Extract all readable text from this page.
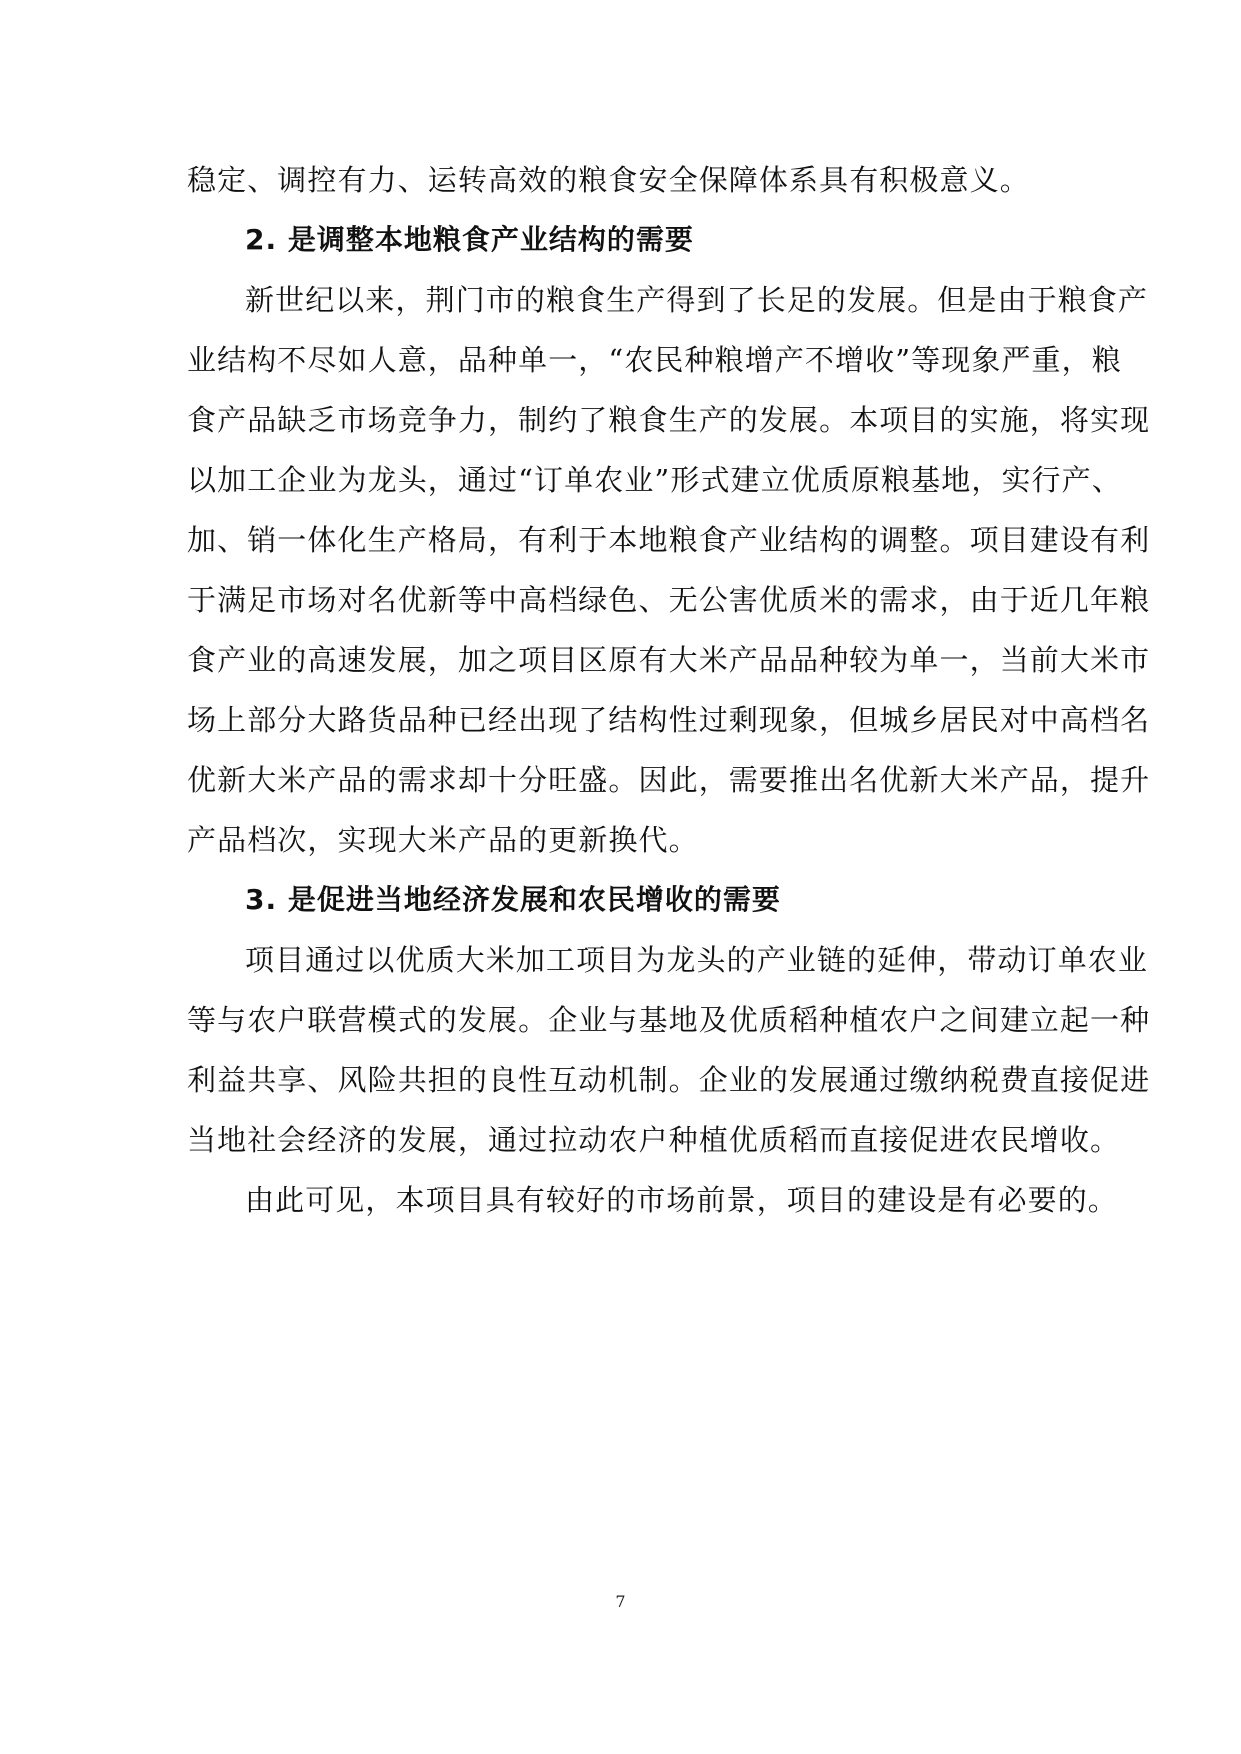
稳定、调控有力、运转高效的粮食安全保障体系具有积极意义。
2. 是调整本地粮食产业结构的需要
新世纪以来，荆门市的粮食生产得到了长足的发展。但是由于粮食产
业结构不尽如人意，品种单一，“农民种粮增产不增收”等现象严重，粮
食产品缺乏市场竞争力，制约了粮食生产的发展。本项目的实施，将实现
以加工企业为龙头，通过“订单农业”形式建立优质原粮基地，实行产、
加、销一体化生产格局，有利于本地粮食产业结构的调整。项目建设有利
于满足市场对名优新等中高档绿色、无公害优质米的需求，由于近几年粮
食产业的高速发展，加之项目区原有大米产品品种较为单一，当前大米市
场上部分大路货品种已经出现了结构性过剩现象，但城乡居民对中高档名
优新大米产品的需求却十分旺盛。因此，需要推出名优新大米产品，提升
产品档次，实现大米产品的更新换代。
3. 是促进当地经济发展和农民增收的需要
项目通过以优质大米加工项目为龙头的产业链的延伸，带动订单农业
等与农户联营模式的发展。企业与基地及优质稻种植农户之间建立起一种
利益共享、风险共担的良性互动机制。企业的发展通过缴纳税费直接促进
当地社会经济的发展，通过拉动农户种植优质稻而直接促进农民增收。
由此可见，本项目具有较好的市场前景，项目的建设是有必要的。
7
